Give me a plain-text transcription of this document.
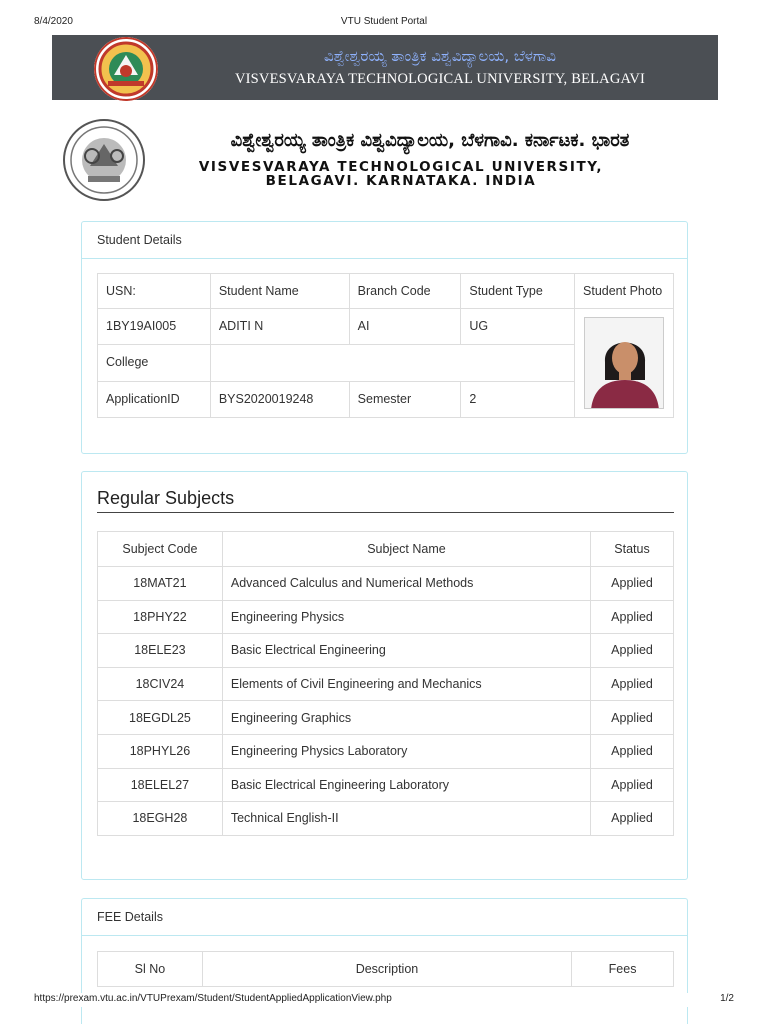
8/4/2020	VTU Student Portal
ವಿಶ್ವೇಶ್ವರಯ್ಯ ತಾಂತ್ರಿಕ ವಿಶ್ವವಿದ್ಯಾಲಯ, ಬೆಳಗಾವಿ
VISVESVARAYA TECHNOLOGICAL UNIVERSITY, BELAGAVI
ವಿಶ್ವೇಶ್ವರಯ್ಯ ತಾಂತ್ರಿಕ ವಿಶ್ವವಿದ್ಯಾಲಯ, ಬೆಳಗಾವಿ. ಕರ್ನಾಟಕ. ಭಾರತ
VISVESVARAYA TECHNOLOGICAL UNIVERSITY,
BELAGAVI. KARNATAKA. INDIA
Student Details
USN:	Student Name	Branch Code	Student Type	Student Photo
1BY19AI005	ADITI N	AI	UG	

College				
ApplicationID	BYS2020019248	Semester	2	
Regular Subjects
Subject Code	Subject Name	Status
18MAT21	Advanced Calculus and Numerical Methods	Applied
18PHY22	Engineering Physics	Applied
18ELE23	Basic Electrical Engineering	Applied
18CIV24	Elements of Civil Engineering and Mechanics	Applied
18EGDL25	Engineering Graphics	Applied
18PHYL26	Engineering Physics Laboratory	Applied
18ELEL27	Basic Electrical Engineering Laboratory	Applied
18EGH28	Technical English-II	Applied
FEE Details
Sl No	Description	Fees
https://prexam.vtu.ac.in/VTUPrexam/Student/StudentAppliedApplicationView.php	1/2
